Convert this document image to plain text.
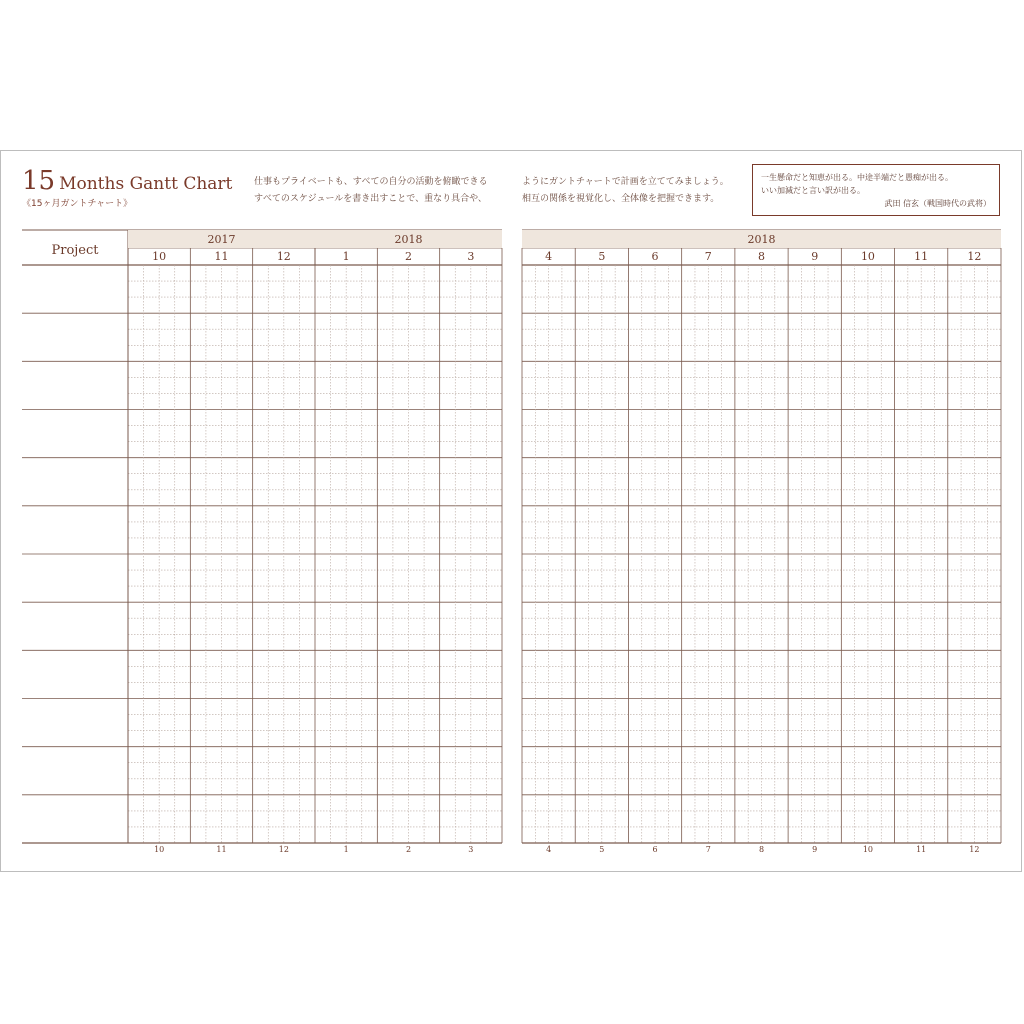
15 Months Gantt Chart
《15ヶ月ガントチャート》
仕事もプライベートも、すべての自分の活動を俯瞰できる
すべてのスケジュールを書き出すことで、重なり具合や、
ようにガントチャートで計画を立ててみましょう。
相互の関係を視覚化し、全体像を把握できます。
一生懸命だと知恵が出る。中途半端だと愚痴が出る。
いい加減だと言い訳が出る。
武田 信玄（戦国時代の武将）
Project
2017	2018
10
10
11
11
12
12
1
1
2
2
3
3
2018
4
4
5
5
6
6
7
7
8
8
9
9
10
10
11
11
12
12
